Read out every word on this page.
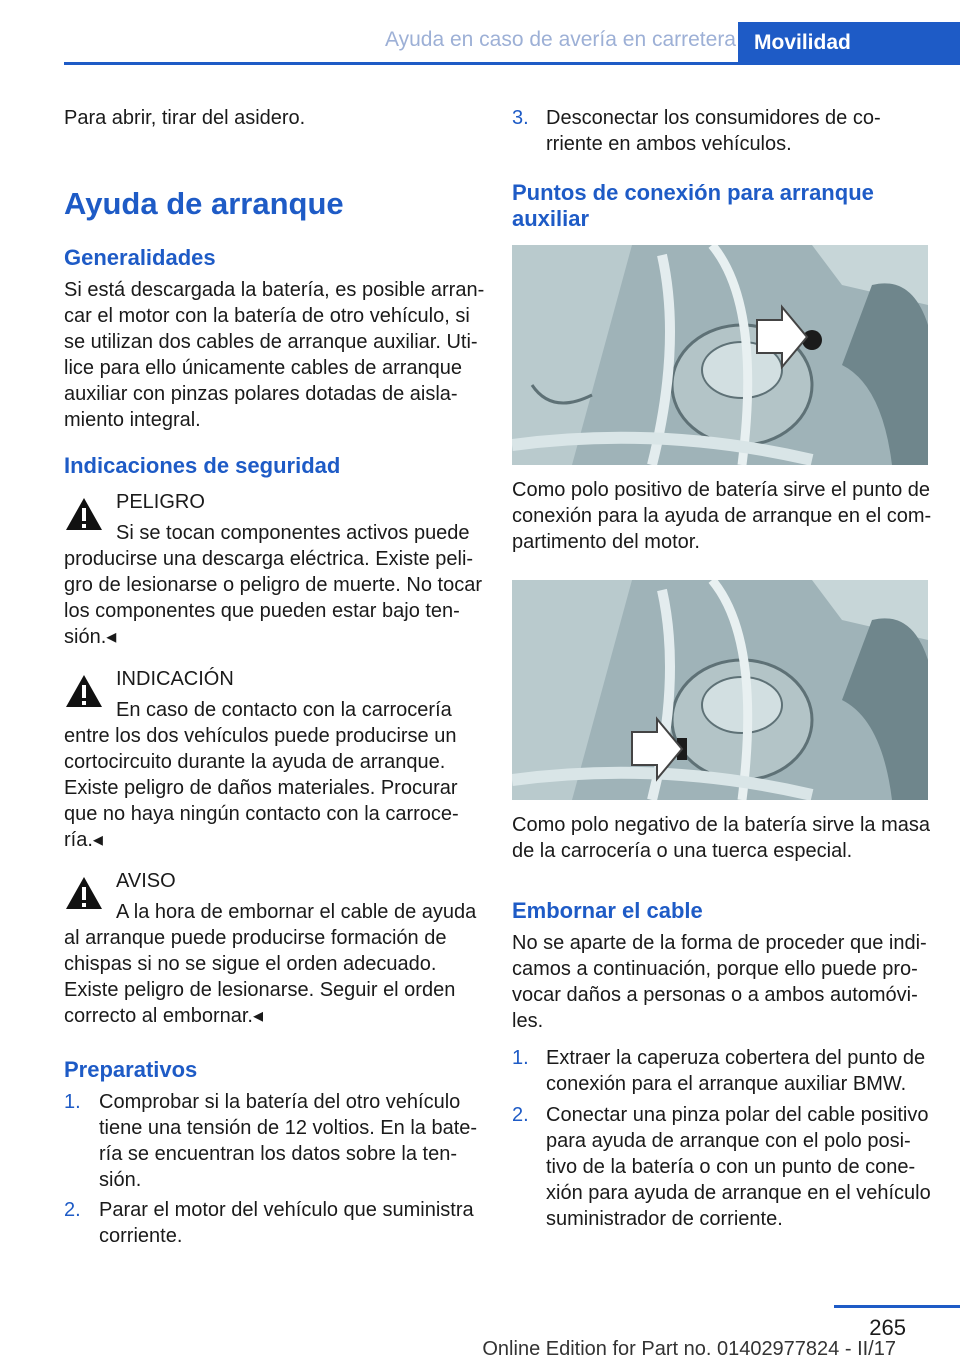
Ayuda en caso de avería en carretera Movilidad

Para abrir, tirar del asidero.

Ayuda de arranque
Generalidades
Si está descargada la batería, es posible arran‐
car el motor con la batería de otro vehículo, si
se utilizan dos cables de arranque auxiliar. Uti‐
lice para ello únicamente cables de arranque
auxiliar con pinzas polares dotadas de aisla‐
miento integral.
Indicaciones de seguridad
PELIGRO
Si se tocan componentes activos puede
producirse una descarga eléctrica. Existe peli‐
gro de lesionarse o peligro de muerte. No tocar
los componentes que pueden estar bajo ten‐
sión.◂
INDICACIÓN
En caso de contacto con la carrocería
entre los dos vehículos puede producirse un
cortocircuito durante la ayuda de arranque.
Existe peligro de daños materiales. Procurar
que no haya ningún contacto con la carroce‐
ría.◂
AVISO
A la hora de embornar el cable de ayuda
al arranque puede producirse formación de
chispas si no se sigue el orden adecuado.
Existe peligro de lesionarse. Seguir el orden
correcto al embornar.◂
Preparativos
1. Comprobar si la batería del otro vehículo
tiene una tensión de 12 voltios. En la bate‐
ría se encuentran los datos sobre la ten‐
sión.
2. Parar el motor del vehículo que suministra
corriente.
3. Desconectar los consumidores de co‐
rriente en ambos vehículos.
Puntos de conexión para arranque
auxiliar
Como polo positivo de batería sirve el punto de
conexión para la ayuda de arranque en el com‐
partimento del motor.
Como polo negativo de la batería sirve la masa
de la carrocería o una tuerca especial.
Embornar el cable
No se aparte de la forma de proceder que indi‐
camos a continuación, porque ello puede pro‐
vocar daños a personas o a ambos automóvi‐
les.
1. Extraer la caperuza cobertera del punto de
conexión para el arranque auxiliar BMW.
2. Conectar una pinza polar del cable positivo
para ayuda de arranque con el polo posi‐
tivo de la batería o con un punto de cone‐
xión para ayuda de arranque en el vehículo
suministrador de corriente.
265
Online Edition for Part no. 01402977824 - II/17
